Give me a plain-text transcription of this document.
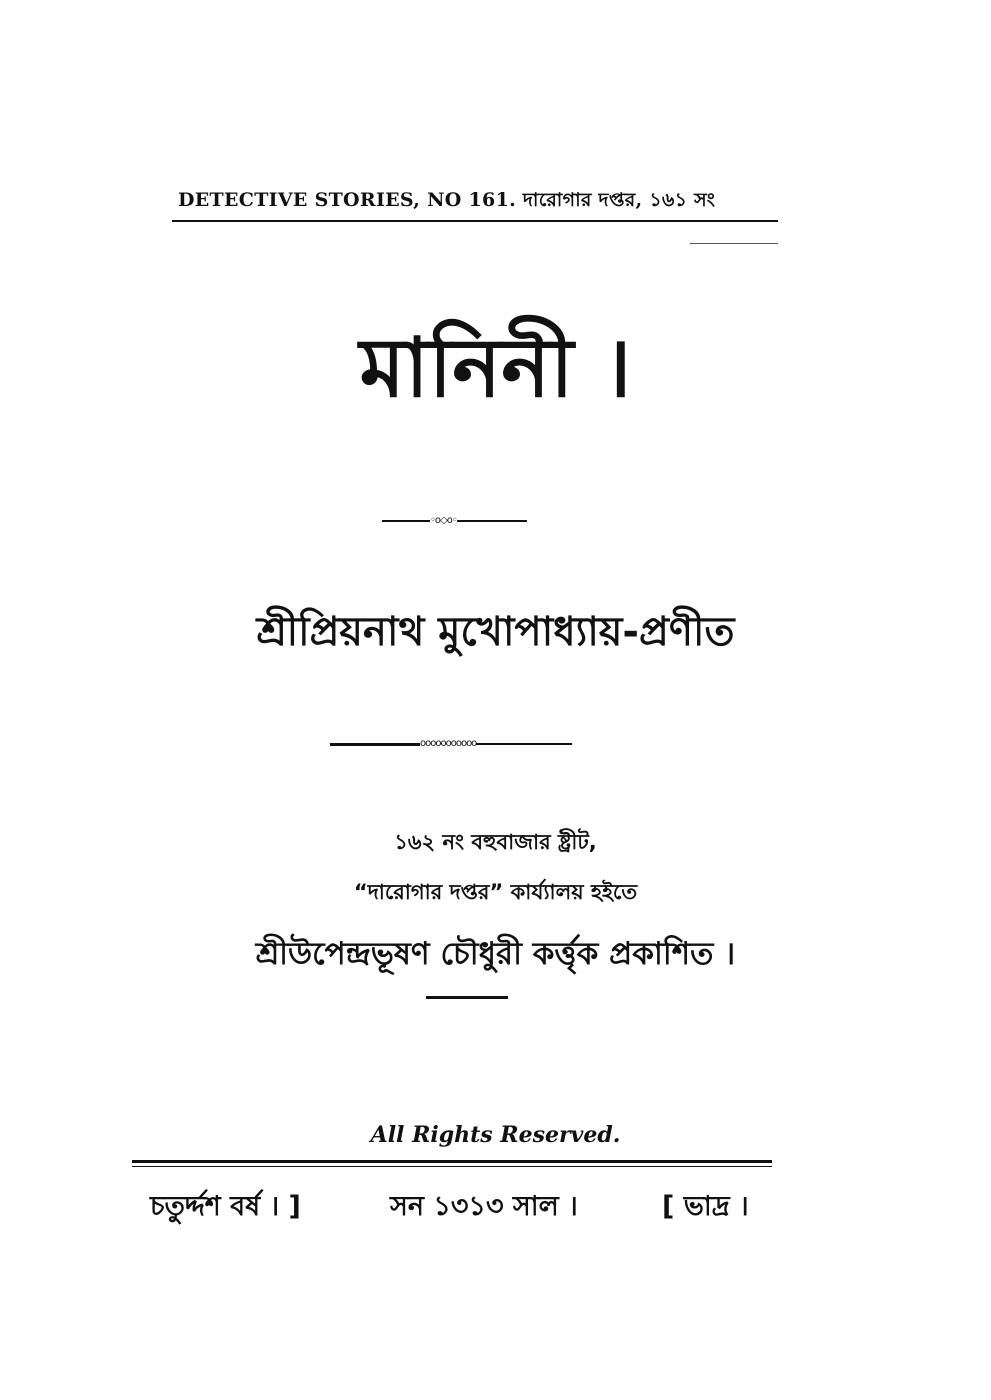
DETECTIVE STORIES, NO 161. দারোগার দপ্তর, ১৬১ সং
মানিনী ।
◦o◇o◦
শ্রীপ্রিয়নাথ মুখোপাধ্যায়-প্রণীত
ooooooooooo
১৬২ নং বহুবাজার ষ্ট্রীট,
“দারোগার দপ্তর” কার্য্যালয় হইতে
শ্রীউপেন্দ্রভূষণ চৌধুরী কর্ত্তৃক প্রকাশিত ।
All Rights Reserved.
চতুর্দ্দশ বর্ষ । ]	সন ১৩১৩ সাল ।	[ ভাদ্র ।
